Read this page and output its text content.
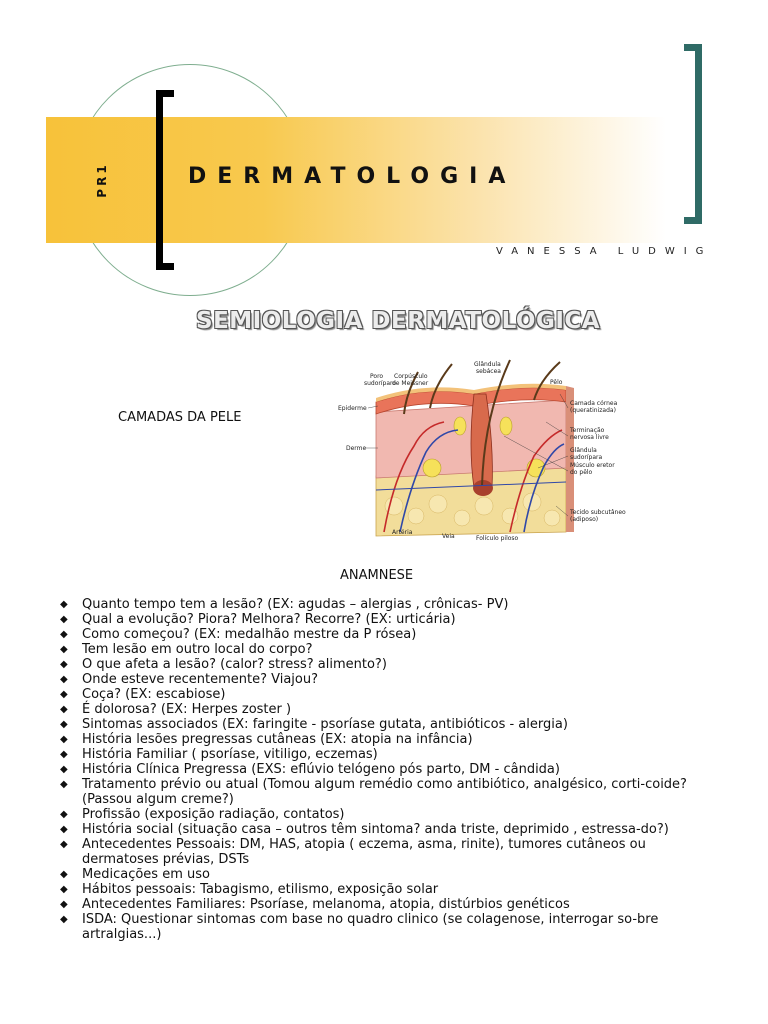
PR1	DERMATOLOGIA
VANESSA LUDWIG
SEMIOLOGIA DERMATOLÓGICA
CAMADAS DA PELE
Poro
sudoríparo
Corpúsculo
de Meissner
Glândula
sebácea
Pêlo
Epiderme
Camada córnea
(queratinizada)
Terminação
nervosa livre
Derme	Glândula
sudorípara
Músculo eretor
do pêlo
Tecido subcutâneo
(adiposo)
Artéria
Veia	Folículo piloso
ANAMNESE
◆ Quanto tempo tem a lesão? (EX: agudas – alergias , crônicas- PV)
◆ Qual a evolução? Piora? Melhora? Recorre? (EX: urticária)
◆ Como começou? (EX: medalhão mestre da P rósea)
◆ Tem lesão em outro local do corpo?
◆ O que afeta a lesão? (calor? stress? alimento?)
◆ Onde esteve recentemente? Viajou?
◆ Coça? (EX: escabiose)
◆ É dolorosa? (EX: Herpes zoster )
◆ Sintomas associados (EX: faringite - psoríase gutata, antibióticos - alergia)
◆ História lesões pregressas cutâneas (EX: atopia na infância)
◆ História Familiar ( psoríase, vitiligo, eczemas)
◆ História Clínica Pregressa (EXS: eflúvio telógeno pós parto, DM - cândida)
◆ Tratamento prévio ou atual (Tomou algum remédio como antibiótico, analgésico, corti-coide? (Passou algum creme?)
◆ Profissão (exposição radiação, contatos)
◆ História social (situação casa – outros têm sintoma? anda triste, deprimido , estressa-do?)
◆ Antecedentes Pessoais: DM, HAS, atopia ( eczema, asma, rinite), tumores cutâneos ou dermatoses prévias, DSTs
◆ Medicações em uso
◆ Hábitos pessoais: Tabagismo, etilismo, exposição solar
◆ Antecedentes Familiares: Psoríase, melanoma, atopia, distúrbios genéticos
◆ ISDA: Questionar sintomas com base no quadro clinico (se colagenose, interrogar so-bre artralgias...)
